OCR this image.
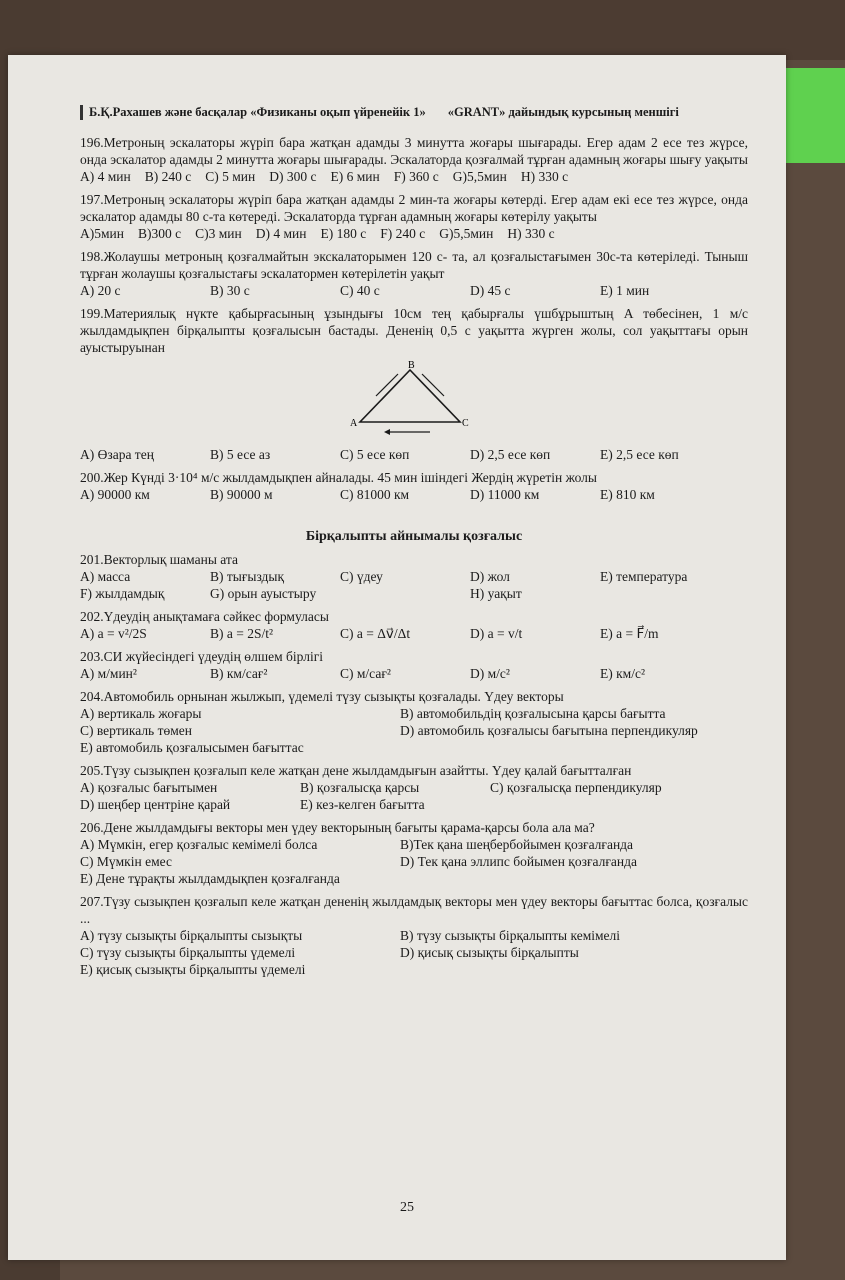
Б.Қ.Рахашев және басқалар «Физиканы оқып үйренейік 1» «GRANT» дайындық курсының меншігі
196.Метроның эскалаторы жүріп бара жатқан адамды 3 минутта жоғары шығарады. Егер адам 2 есе тез жүрсе, онда эскалатор адамды 2 минутта жоғары шығарады. Эскалаторда қозғалмай тұрған адамның жоғары шығу уақыты
A) 4 мин B) 240 с C) 5 мин D) 300 с E) 6 мин F) 360 с G)5,5мин H) 330 с
197.Метроның эскалаторы жүріп бара жатқан адамды 2 мин-та жоғары көтерді. Егер адам екі есе тез жүрсе, онда эскалатор адамды 80 с-та көтереді. Эскалаторда тұрған адамның жоғары көтерілу уақыты
A)5мин B)300 с C)3 мин D) 4 мин E) 180 с F) 240 с G)5,5мин H) 330 с
198.Жолаушы метроның қозғалмайтын экскалаторымен 120 с- та, ал қозғалыстағымен 30с-та көтеріледі. Тыныш тұрған жолаушы қозғалыстағы эскалатормен көтерілетін уақыт
A) 20 с	B) 30 с	C) 40 с	D) 45 с	E) 1 мин
199.Материялық нүкте қабырғасының ұзындығы 10см тең қабырғалы үшбұрыштың A төбесінен, 1 м/с жылдамдықпен бірқалыпты қозғалысын бастады. Дененің 0,5 с уақытта жүрген жолы, сол уақыттағы орын ауыстыруынан
B
A	C
A) Өзара тең	B) 5 есе аз	C) 5 есе көп	D) 2,5 есе көп	E) 2,5 есе көп
200.Жер Күнді 3·10⁴ м/с жылдамдықпен айналады. 45 мин ішіндегі Жердің жүретін жолы
A) 90000 км	B) 90000 м	C) 81000 км	D) 11000 км	E) 810 км
Бірқалыпты айнымалы қозғалыс
201.Векторлық шаманы ата
A) масса	B) тығыздық	C) үдеу	D) жол	E) температура
F) жылдамдық	G) орын ауыстыру	H) уақыт
202.Үдеудің анықтамаға сәйкес формуласы
A) a = v²/2S	B) a = 2S/t²	C) a = Δv⃗/Δt	D) a = v/t	E) a = F⃗/m
203.СИ жүйесіндегі үдеудің өлшем бірлігі
A) м/мин²	B) км/сағ²	C) м/сағ²	D) м/с²	E) км/с²
204.Автомобиль орнынан жылжып, үдемелі түзу сызықты қозғалады. Үдеу векторы
A) вертикаль жоғары	B) автомобильдің қозғалысына қарсы бағытта
C) вертикаль төмен	D) автомобиль қозғалысы бағытына перпендикуляр
E) автомобиль қозғалысымен бағыттас
205.Түзу сызықпен қозғалып келе жатқан дене жылдамдығын азайтты. Үдеу қалай бағытталған
A) қозғалыс бағытымен	B) қозғалысқа қарсы	C) қозғалысқа перпендикуляр
D) шеңбер центріне қарай	E) кез-келген бағытта
206.Дене жылдамдығы векторы мен үдеу векторының бағыты қарама-қарсы бола ала ма?
A) Мүмкін, егер қозғалыс кемімелі болса	B)Тек қана шеңбербойымен қозғалғанда
C) Мүмкін емес	D) Тек қана эллипс бойымен қозғалғанда
E) Дене тұрақты жылдамдықпен қозғалғанда
207.Түзу сызықпен қозғалып келе жатқан дененің жылдамдық векторы мен үдеу векторы бағыттас болса, қозғалыс ...
A) түзу сызықты бірқалыпты сызықты	B) түзу сызықты бірқалыпты кемімелі
C) түзу сызықты бірқалыпты үдемелі	D) қисық сызықты бірқалыпты
E) қисық сызықты бірқалыпты үдемелі
25
